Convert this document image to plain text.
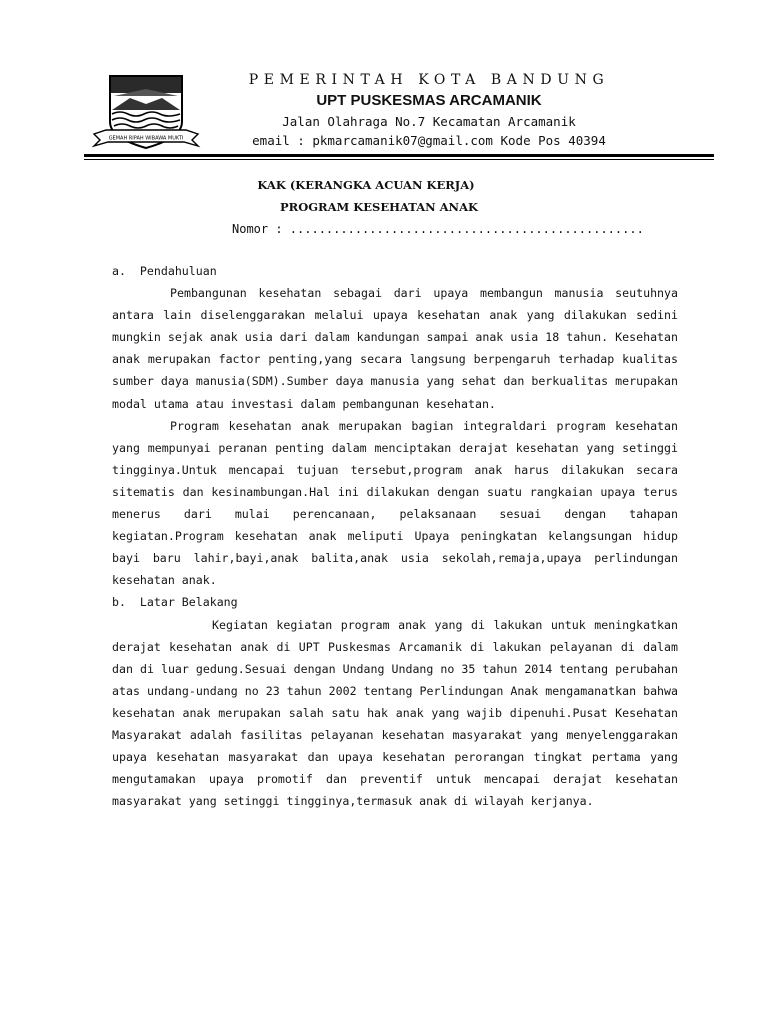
GEMAH RIPAH WIBAWA MUKTI
PEMERINTAH KOTA BANDUNG
UPT PUSKESMAS ARCAMANIK
Jalan Olahraga No.7 Kecamatan Arcamanik
email : pkmarcamanik07@gmail.com Kode Pos 40394
KAK (KERANGKA ACUAN KERJA)
PROGRAM KESEHATAN ANAK
Nomor : .................................................

a.  Pendahuluan

Pembangunan kesehatan sebagai dari upaya membangun manusia seutuhnya antara lain diselenggarakan melalui upaya kesehatan anak yang dilakukan sedini mungkin sejak anak usia dari dalam kandungan sampai anak usia 18 tahun. Kesehatan anak merupakan factor penting,yang secara langsung berpengaruh terhadap kualitas sumber daya manusia(SDM).Sumber daya manusia yang sehat dan berkualitas merupakan modal utama atau investasi dalam pembangunan kesehatan.

Program kesehatan anak merupakan bagian integraldari program kesehatan yang mempunyai peranan penting dalam menciptakan derajat kesehatan yang setinggi tingginya.Untuk mencapai tujuan tersebut,program anak harus dilakukan secara sitematis dan kesinambungan.Hal ini dilakukan dengan suatu rangkaian upaya terus menerus dari mulai perencanaan, pelaksanaan sesuai dengan tahapan kegiatan.Program kesehatan anak meliputi Upaya peningkatan kelangsungan hidup bayi baru lahir,bayi,anak balita,anak usia sekolah,remaja,upaya perlindungan kesehatan anak.

b.  Latar Belakang

Kegiatan kegiatan program anak yang di lakukan untuk meningkatkan derajat kesehatan anak di UPT Puskesmas Arcamanik di lakukan pelayanan di dalam dan di luar gedung.Sesuai dengan Undang Undang no 35 tahun 2014 tentang perubahan atas undang-undang no 23 tahun 2002 tentang Perlindungan Anak mengamanatkan bahwa kesehatan anak merupakan salah satu hak anak yang wajib dipenuhi.Pusat Kesehatan Masyarakat adalah fasilitas pelayanan kesehatan masyarakat yang menyelenggarakan upaya kesehatan masyarakat dan upaya kesehatan perorangan tingkat pertama yang mengutamakan upaya promotif dan preventif untuk mencapai derajat kesehatan masyarakat yang setinggi tingginya,termasuk anak di wilayah kerjanya.
